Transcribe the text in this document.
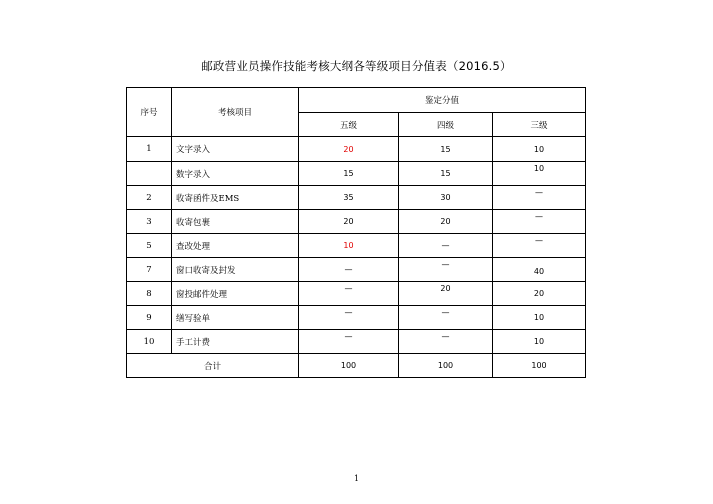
邮政营业员操作技能考核大纲各等级项目分值表（2016.5）
序号	考核项目	鉴定分值		
		五级	四级	三级
1	文字录入	20	15	10
	数字录入	15	15	10
2	收寄函件及EMS	35	30	—
3	收寄包裹	20	20	—
5	查改处理	10	—	—
7	窗口收寄及封发	—	—	40
8	窗投邮件处理	—	20	20
9	缮写验单	—	—	10
10	手工计费	—	—	10
合计		100	100	100
1
